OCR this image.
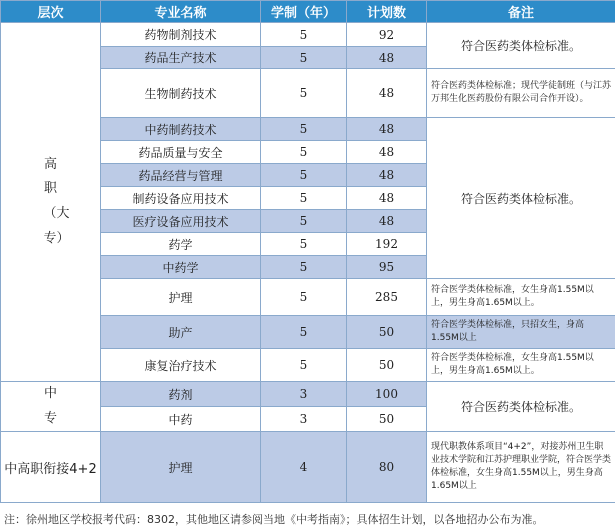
层次	专业名称	学制（年）	计划数	备注
高职（大专）	药物制剂技术	5	92	符合医药类体检标准。
	药品生产技术	5	48	
	生物制药技术	5	48	符合医药类体检标准；现代学徒制班（与江苏万邦生化医药股份有限公司合作开设）。
	中药制药技术	5	48	符合医药类体检标准。
	药品质量与安全	5	48	
	药品经营与管理	5	48	
	制药设备应用技术	5	48	
	医疗设备应用技术	5	48	
	药学	5	192	
	中药学	5	95	
	护理	5	285	符合医学类体检标准，女生身高1.55M以上，男生身高1.65M以上。
	助产	5	50	符合医学类体检标准，只招女生，身高1.55M以上
	康复治疗技术	5	50	符合医学类体检标准，女生身高1.55M以上，男生身高1.65M以上。
中专	药剂	3	100	符合医药类体检标准。
	中药	3	50	
中高职衔接4+2	护理	4	80	现代职教体系项目“4+2”，对接苏州卫生职业技术学院和江苏护理职业学院，符合医学类体检标准，女生身高1.55M以上，男生身高1.65M以上
注：徐州地区学校报考代码：8302，其他地区请参阅当地《中考指南》；具体招生计划，以各地招办公布为准。
